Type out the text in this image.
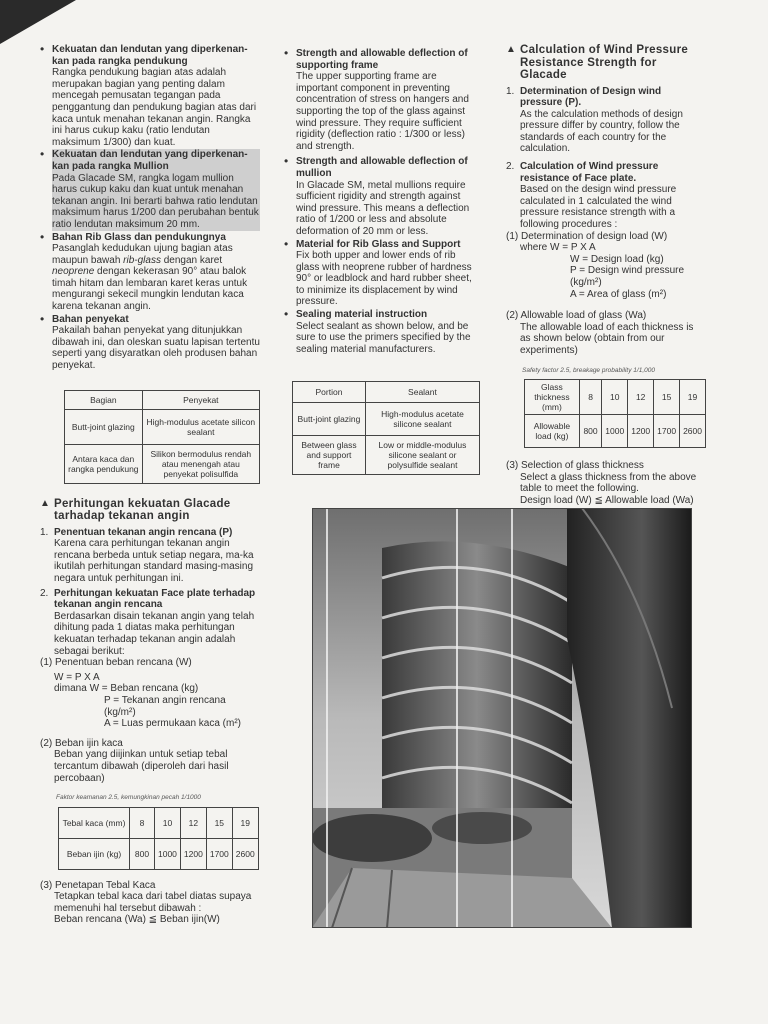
• Kekuatan dan lendutan yang diperkenan-kan pada rangka pendukung
Rangka pendukung bagian atas adalah merupakan bagian yang penting dalam mencegah pemusatan tegangan pada penggantung dan pendukung bagian atas dari kaca untuk menahan tekanan angin. Rangka ini harus cukup kaku (ratio lendutan maksimum 1/300) dan kuat.
• Kekuatan dan lendutan yang diperkenan-kan pada rangka Mullion
Pada Glacade SM, rangka logam mullion harus cukup kaku dan kuat untuk menahan tekanan angin. Ini berarti bahwa ratio lendutan maksimum harus 1/200 dan perubahan bentuk ratio lendutan maksimum 20 mm.
• Bahan Rib Glass dan pendukungnya
Pasanglah kedudukan ujung bagian atas maupun bawah rib-glass dengan karet neoprene dengan kekerasan 90° atau balok timah hitam dan lembaran karet keras untuk mengurangi sekecil mungkin lendutan kaca karena tekanan angin.
• Bahan penyekat
Pakailah bahan penyekat yang ditunjukkan dibawah ini, dan oleskan suatu lapisan tertentu seperti yang disyaratkan oleh produsen bahan penyekat.
Bagian	Penyekat
Butt-joint glazing	High-modulus acetate silicon sealant
Antara kaca dan rangka pendukung	Silikon bermodulus rendah atau menengah atau penyekat polisulfida
▲ Perhitungan kekuatan Glacade tarhadap tekanan angin
1. Penentuan tekanan angin rencana (P)
Karena cara perhitungan tekanan angin rencana berbeda untuk setiap negara, ma-ka ikutilah perhitungan standard masing-masing negara untuk perhitungan ini.
2. Perhitungan kekuatan Face plate terhadap tekanan angin rencana
Berdasarkan disain tekanan angin yang telah dihitung pada 1 diatas maka perhitungan kekuatan terhadap tekanan angin adalah sebagai berikut:
(1) Penentuan beban rencana (W)
W = P X A
dimana W = Beban rencana (kg)
P = Tekanan angin rencana (kg/m²)
A = Luas permukaan kaca (m²)
(2) Beban ijin kaca
Beban yang diijinkan untuk setiap tebal tercantum dibawah (diperoleh dari hasil percobaan)
Faktor keamanan 2.5, kemungkinan pecah 1/1000
Tebal kaca (mm)	8	10	12	15	19
Beban ijin (kg)	800	1000	1200	1700	2600
(3) Penetapan Tebal Kaca
Tetapkan tebal kaca dari tabel diatas supaya memenuhi hal tersebut dibawah :
Beban rencana (Wa) ≦ Beban ijin(W)
• Strength and allowable deflection of supporting frame
The upper supporting frame are important component in preventing concentration of stress on hangers and supporting the top of the glass against wind pressure. They require sufficient rigidity (deflection ratio : 1/300 or less) and strength.
• Strength and allowable deflection of mullion
In Glacade SM, metal mullions require sufficient rigidity and strength against wind pressure. This means a deflection ratio of 1/200 or less and absolute deformation of 20 mm or less.
• Material for Rib Glass and Support
Fix both upper and lower ends of rib glass with neoprene rubber of hardness 90° or leadblock and hard rubber sheet, to minimize its displacement by wind pressure.
• Sealing material instruction
Select sealant as shown below, and be sure to use the primers specified by the sealing material manufacturers.
Portion	Sealant
Butt-joint glazing	High-modulus acetate silicone sealant
Between glass and support frame	Low or middle-modulus silicone sealant or polysulfide sealant
▲ Calculation of Wind Pressure Resistance Strength for Glacade
1. Determination of Design wind pressure (P).
As the calculation methods of design pressure differ by country, follow the standards of each country for the calculation.
2. Calculation of Wind pressure resistance of Face plate.
Based on the design wind pressure calculated in 1 calculated the wind pressure resistance strength with a following procedures :
(1) Determination of design load (W)
where W = P X A
W = Design load (kg)
P = Design wind pressure (kg/m²)
A = Area of glass (m²)
(2) Allowable load of glass (Wa)
The allowable load of each thickness is as shown below (obtain from our experiments)
Safety factor 2.5, breakage probability 1/1,000
Glass thickness (mm)	8	10	12	15	19
Allowable load (kg)	800	1000	1200	1700	2600
(3) Selection of glass thickness
Select a glass thickness from the above table to meet the following.
Design load (W) ≦ Allowable load (Wa)
